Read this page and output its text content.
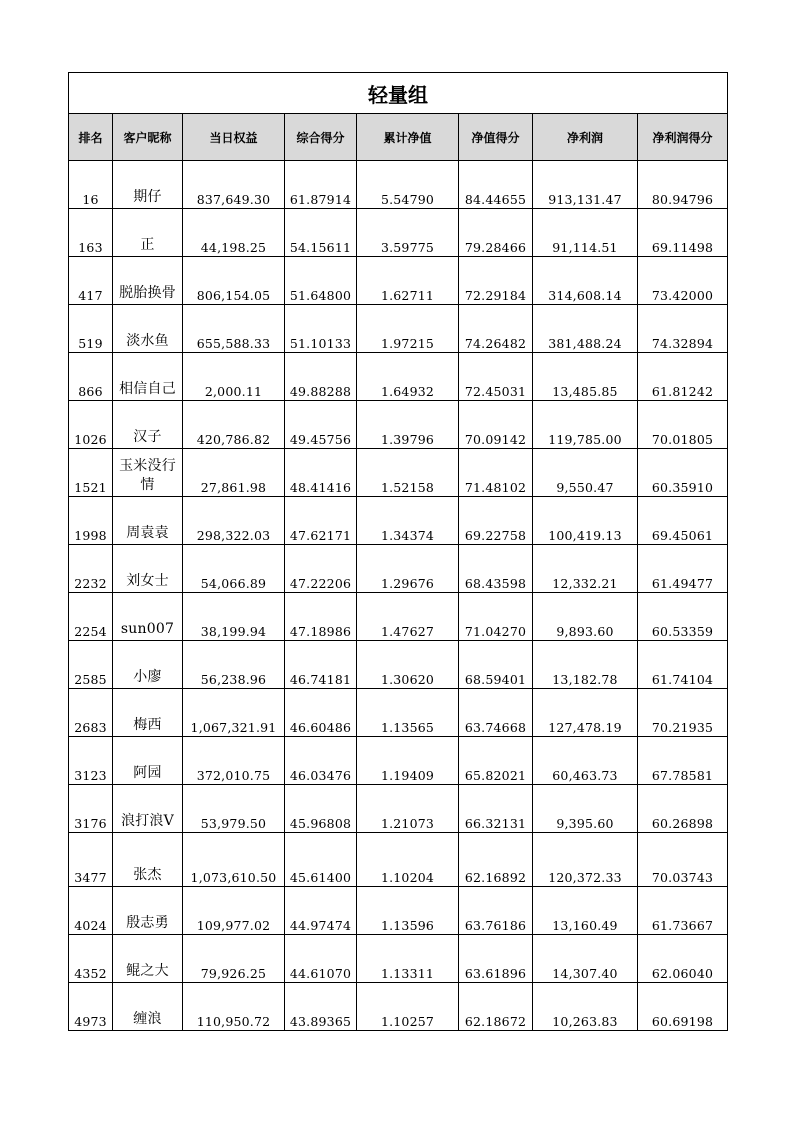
轻量组							
排名	客户昵称	当日权益	综合得分	累计净值	净值得分	净利润	净利润得分
16	期仔	837,649.30	61.87914	5.54790	84.44655	913,131.47	80.94796
163	正	44,198.25	54.15611	3.59775	79.28466	91,114.51	69.11498
417	脱胎换骨	806,154.05	51.64800	1.62711	72.29184	314,608.14	73.42000
519	淡水鱼	655,588.33	51.10133	1.97215	74.26482	381,488.24	74.32894
866	相信自己	2,000.11	49.88288	1.64932	72.45031	13,485.85	61.81242
1026	汉子	420,786.82	49.45756	1.39796	70.09142	119,785.00	70.01805
1521	玉米没行情	27,861.98	48.41416	1.52158	71.48102	9,550.47	60.35910
1998	周袁袁	298,322.03	47.62171	1.34374	69.22758	100,419.13	69.45061
2232	刘女士	54,066.89	47.22206	1.29676	68.43598	12,332.21	61.49477
2254	sun007	38,199.94	47.18986	1.47627	71.04270	9,893.60	60.53359
2585	小廖	56,238.96	46.74181	1.30620	68.59401	13,182.78	61.74104
2683	梅西	1,067,321.91	46.60486	1.13565	63.74668	127,478.19	70.21935
3123	阿园	372,010.75	46.03476	1.19409	65.82021	60,463.73	67.78581
3176	浪打浪V	53,979.50	45.96808	1.21073	66.32131	9,395.60	60.26898
3477	张杰	1,073,610.50	45.61400	1.10204	62.16892	120,372.33	70.03743
4024	殷志勇	109,977.02	44.97474	1.13596	63.76186	13,160.49	61.73667
4352	鲲之大	79,926.25	44.61070	1.13311	63.61896	14,307.40	62.06040
4973	缠浪	110,950.72	43.89365	1.10257	62.18672	10,263.83	60.69198
